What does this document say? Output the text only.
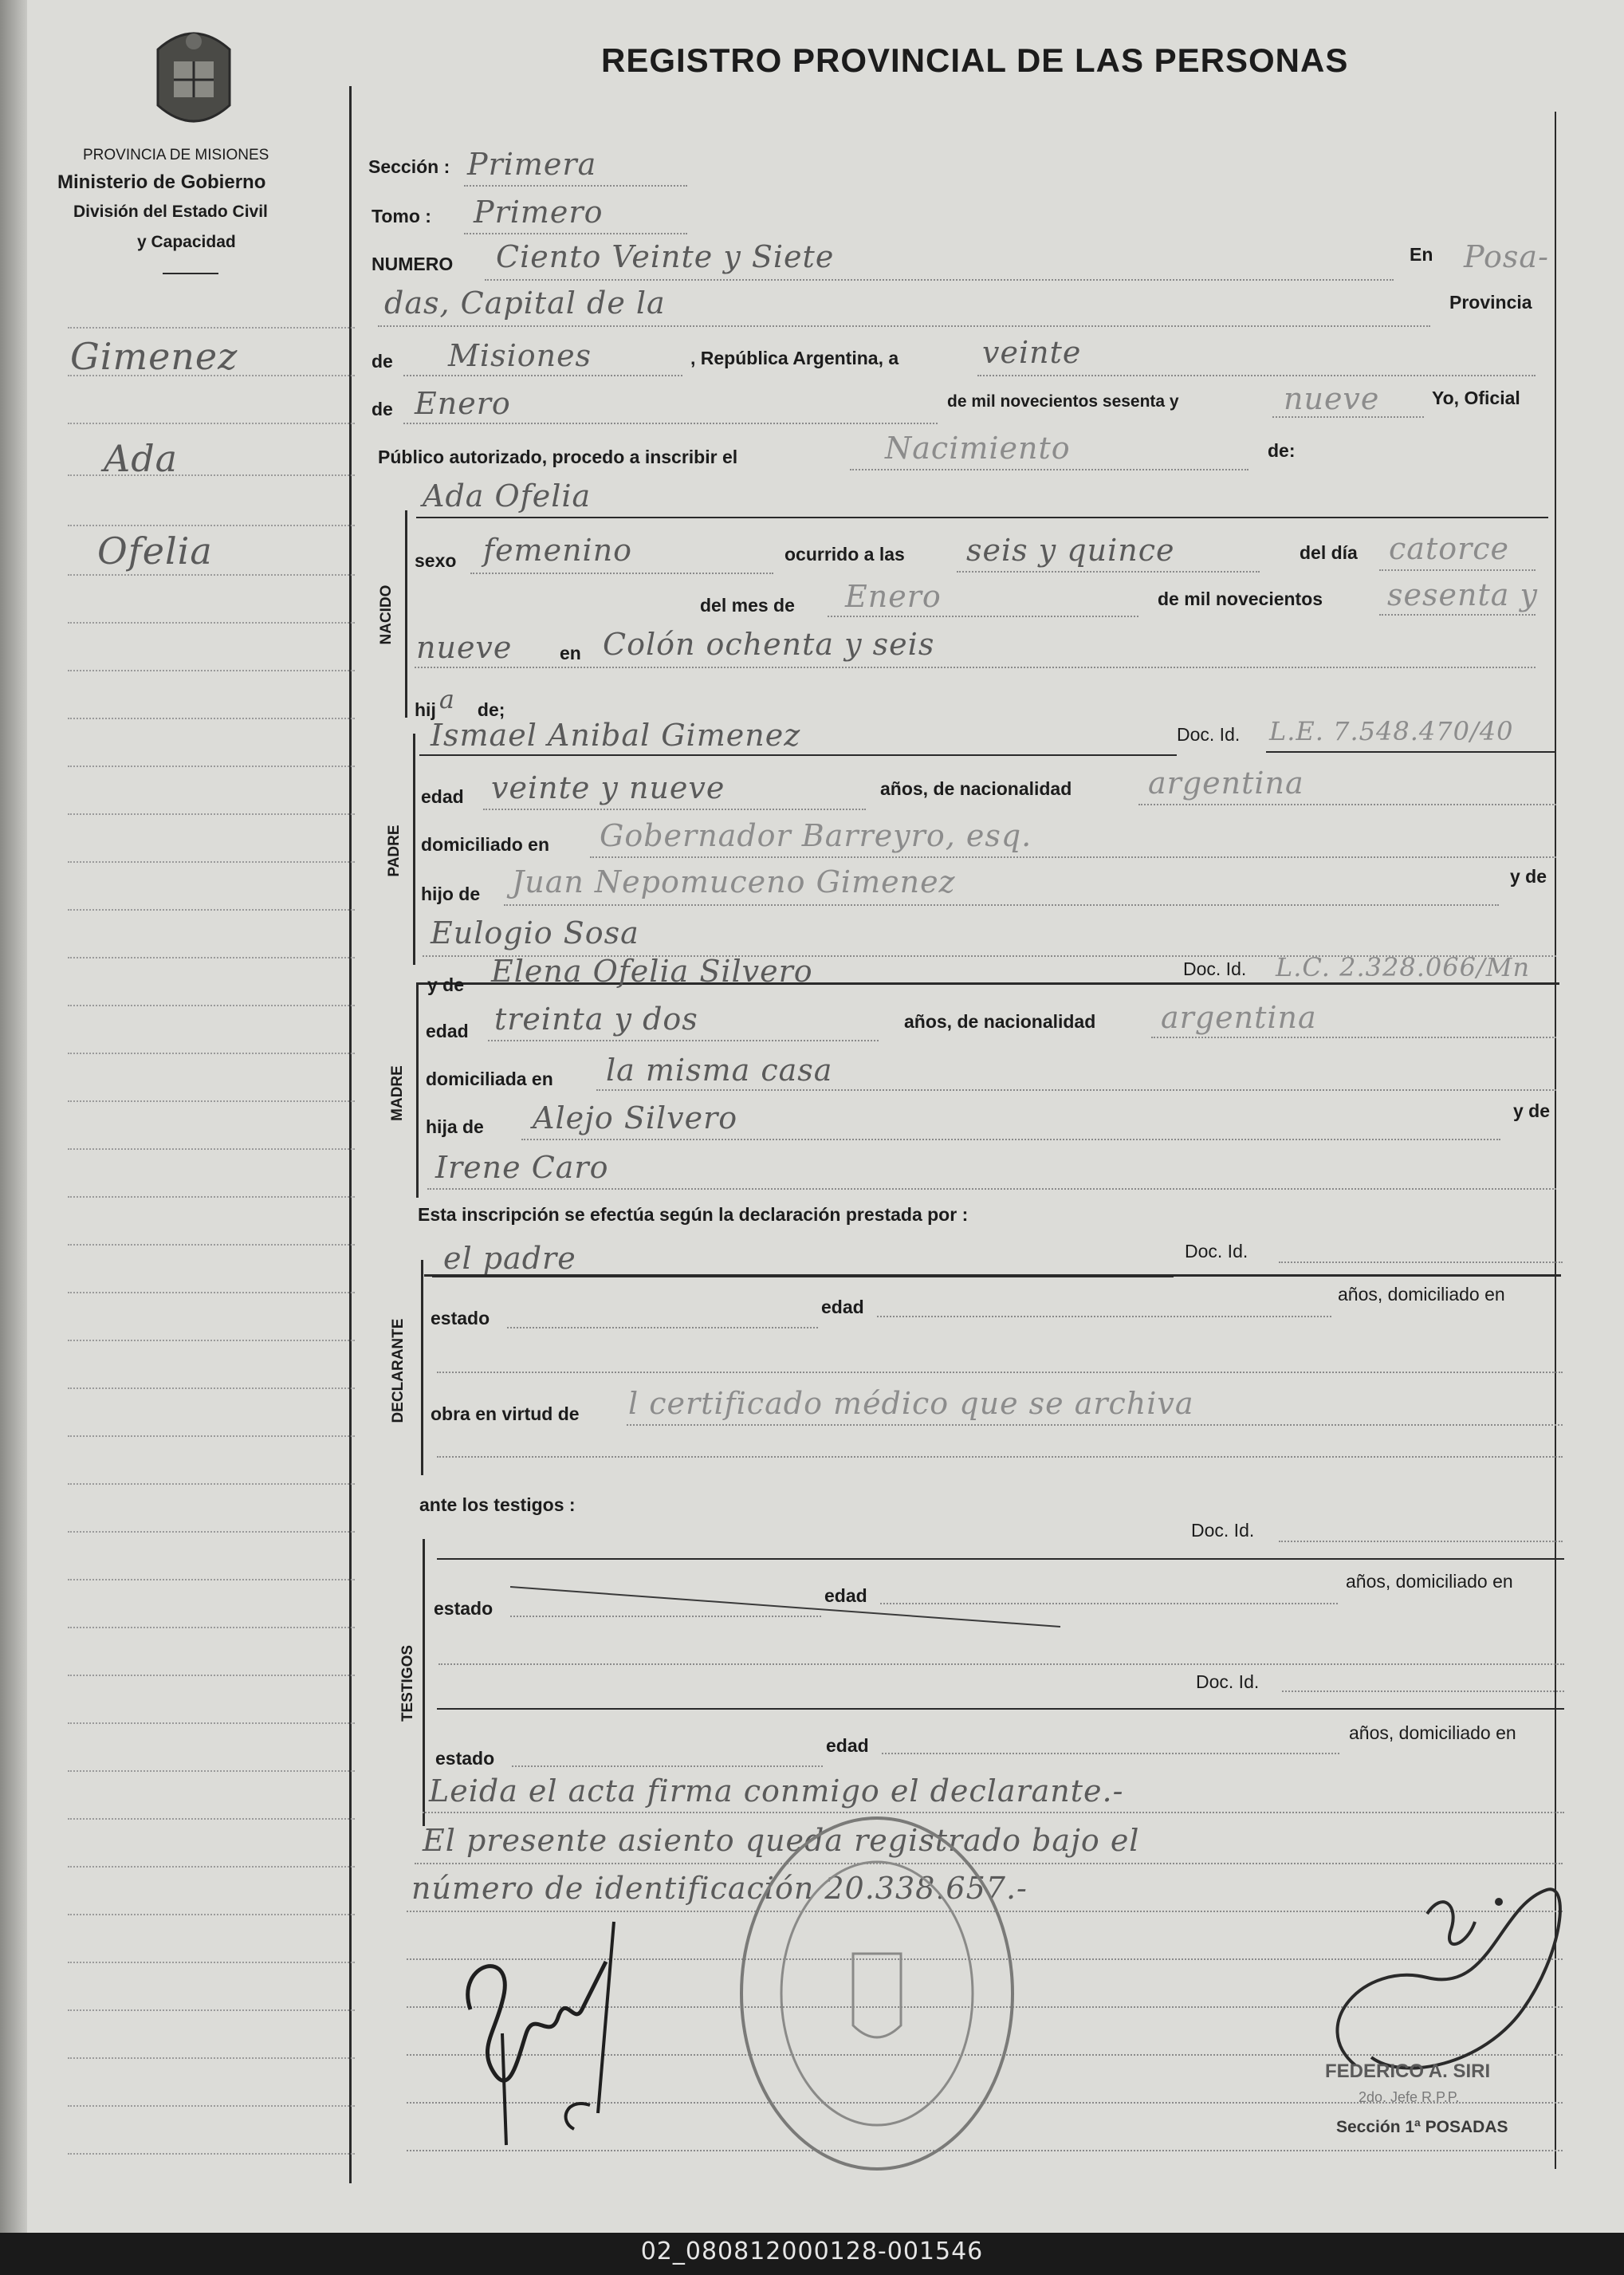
PROVINCIA DE MISIONES
Ministerio de Gobierno
División del Estado Civil
y Capacidad
REGISTRO PROVINCIAL DE LAS PERSONAS
Gimenez
Ada
Ofelia
Sección : Primera
Tomo : Primero
NUMERO Ciento Veinte y Siete	En Posa-
das, Capital de la	Provincia
de Misiones	, República Argentina, a	veinte
de Enero	de mil novecientos sesenta y	nueve	Yo, Oficial
Público autorizado, procedo a inscribir el	Nacimiento	de:
NACIDO
Ada Ofelia
sexo femenino	ocurrido a las seis y quince	del día catorce
del mes de Enero	de mil novecientos sesenta y
nueve	en Colón ochenta y seis
hij a de;
PADRE
Ismael Anibal Gimenez	Doc. Id. L.E. 7.548.470/40
edad veinte y nueve	años, de nacionalidad	argentina
domiciliado en Gobernador Barreyro, esq.
hijo de Juan Nepomuceno Gimenez	y de
Eulogio Sosa
MADRE
y de Elena Ofelia Silvero	Doc. Id. L.C. 2.328.066/Mn
edad treinta y dos	años, de nacionalidad argentina
domiciliada en la misma casa
hija de Alejo Silvero	y de
Irene Caro
Esta inscripción se efectúa según la declaración prestada por :
DECLARANTE
el padre	Doc. Id.
años, domiciliado en
estado
edad
obra en virtud de l certificado médico que se archiva
ante los testigos :
TESTIGOS
Doc. Id.
años, domiciliado en
estado
edad
Doc. Id.
años, domiciliado en
estado
edad
Leida el acta firma conmigo el declarante.-
El presente asiento queda registrado bajo el
número de identificación 20.338.657.-
FEDERICO A. SIRI
2do. Jefe R.P.P.
Sección 1ª POSADAS
02_080812000128-001546
